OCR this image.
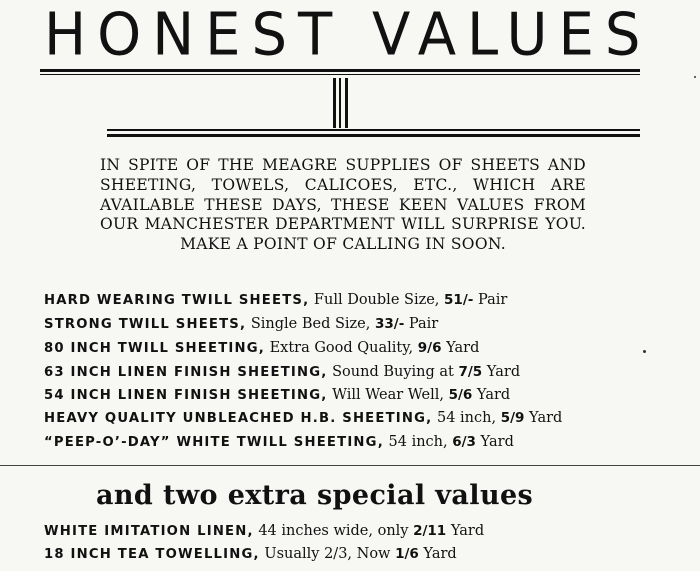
HONEST VALUES
IN SPITE OF THE MEAGRE SUPPLIES OF SHEETS AND SHEETING, TOWELS, CALICOES, ETC., WHICH ARE AVAILABLE THESE DAYS, THESE KEEN VALUES FROM OUR MANCHESTER DEPARTMENT WILL SURPRISE YOU. MAKE A POINT OF CALLING IN SOON.
HARD WEARING TWILL SHEETS, Full Double Size, 51/- Pair
STRONG TWILL SHEETS, Single Bed Size, 33/- Pair
80 INCH TWILL SHEETING, Extra Good Quality, 9/6 Yard
63 INCH LINEN FINISH SHEETING, Sound Buying at 7/5 Yard
54 INCH LINEN FINISH SHEETING, Will Wear Well, 5/6 Yard
HEAVY QUALITY UNBLEACHED H.B. SHEETING, 54 inch, 5/9 Yard
“PEEP-O’-DAY” WHITE TWILL SHEETING, 54 inch, 6/3 Yard
and two extra special values
WHITE IMITATION LINEN, 44 inches wide, only 2/11 Yard
18 INCH TEA TOWELLING, Usually 2/3, Now 1/6 Yard
